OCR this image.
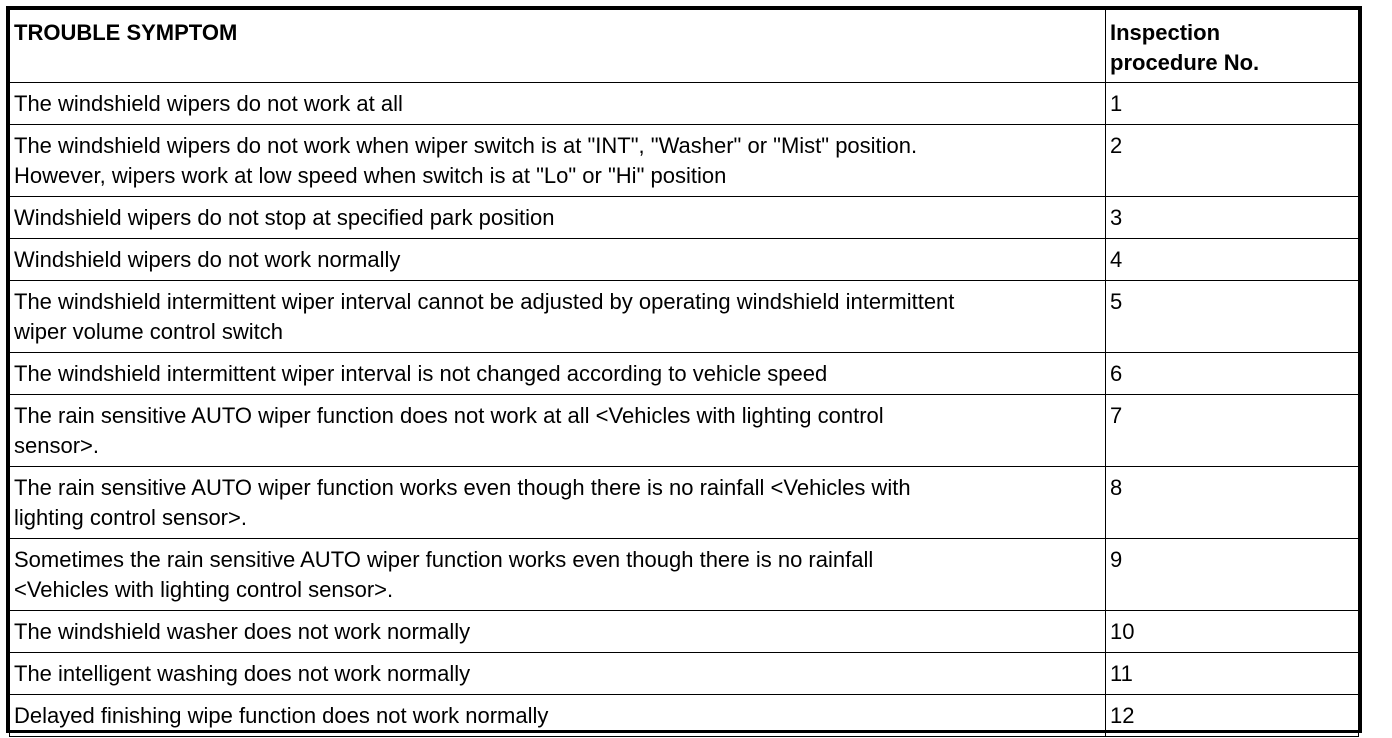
TROUBLE SYMPTOM	Inspection
procedure No.

The windshield wipers do not work at all	1

The windshield wipers do not work when wiper switch is at "INT", "Washer" or "Mist" position.
However, wipers work at low speed when switch is at "Lo" or "Hi" position	2
Windshield wipers do not stop at specified park position	3
Windshield wipers do not work normally	4

The windshield intermittent wiper interval cannot be adjusted by operating windshield intermittent
wiper volume control switch	5
The windshield intermittent wiper interval is not changed according to vehicle speed	6

The rain sensitive AUTO wiper function does not work at all <Vehicles with lighting control
sensor>.	7

The rain sensitive AUTO wiper function works even though there is no rainfall <Vehicles with
lighting control sensor>.	8

Sometimes the rain sensitive AUTO wiper function works even though there is no rainfall
<Vehicles with lighting control sensor>.	9
The windshield washer does not work normally	10
The intelligent washing does not work normally	11
Delayed finishing wipe function does not work normally	12
